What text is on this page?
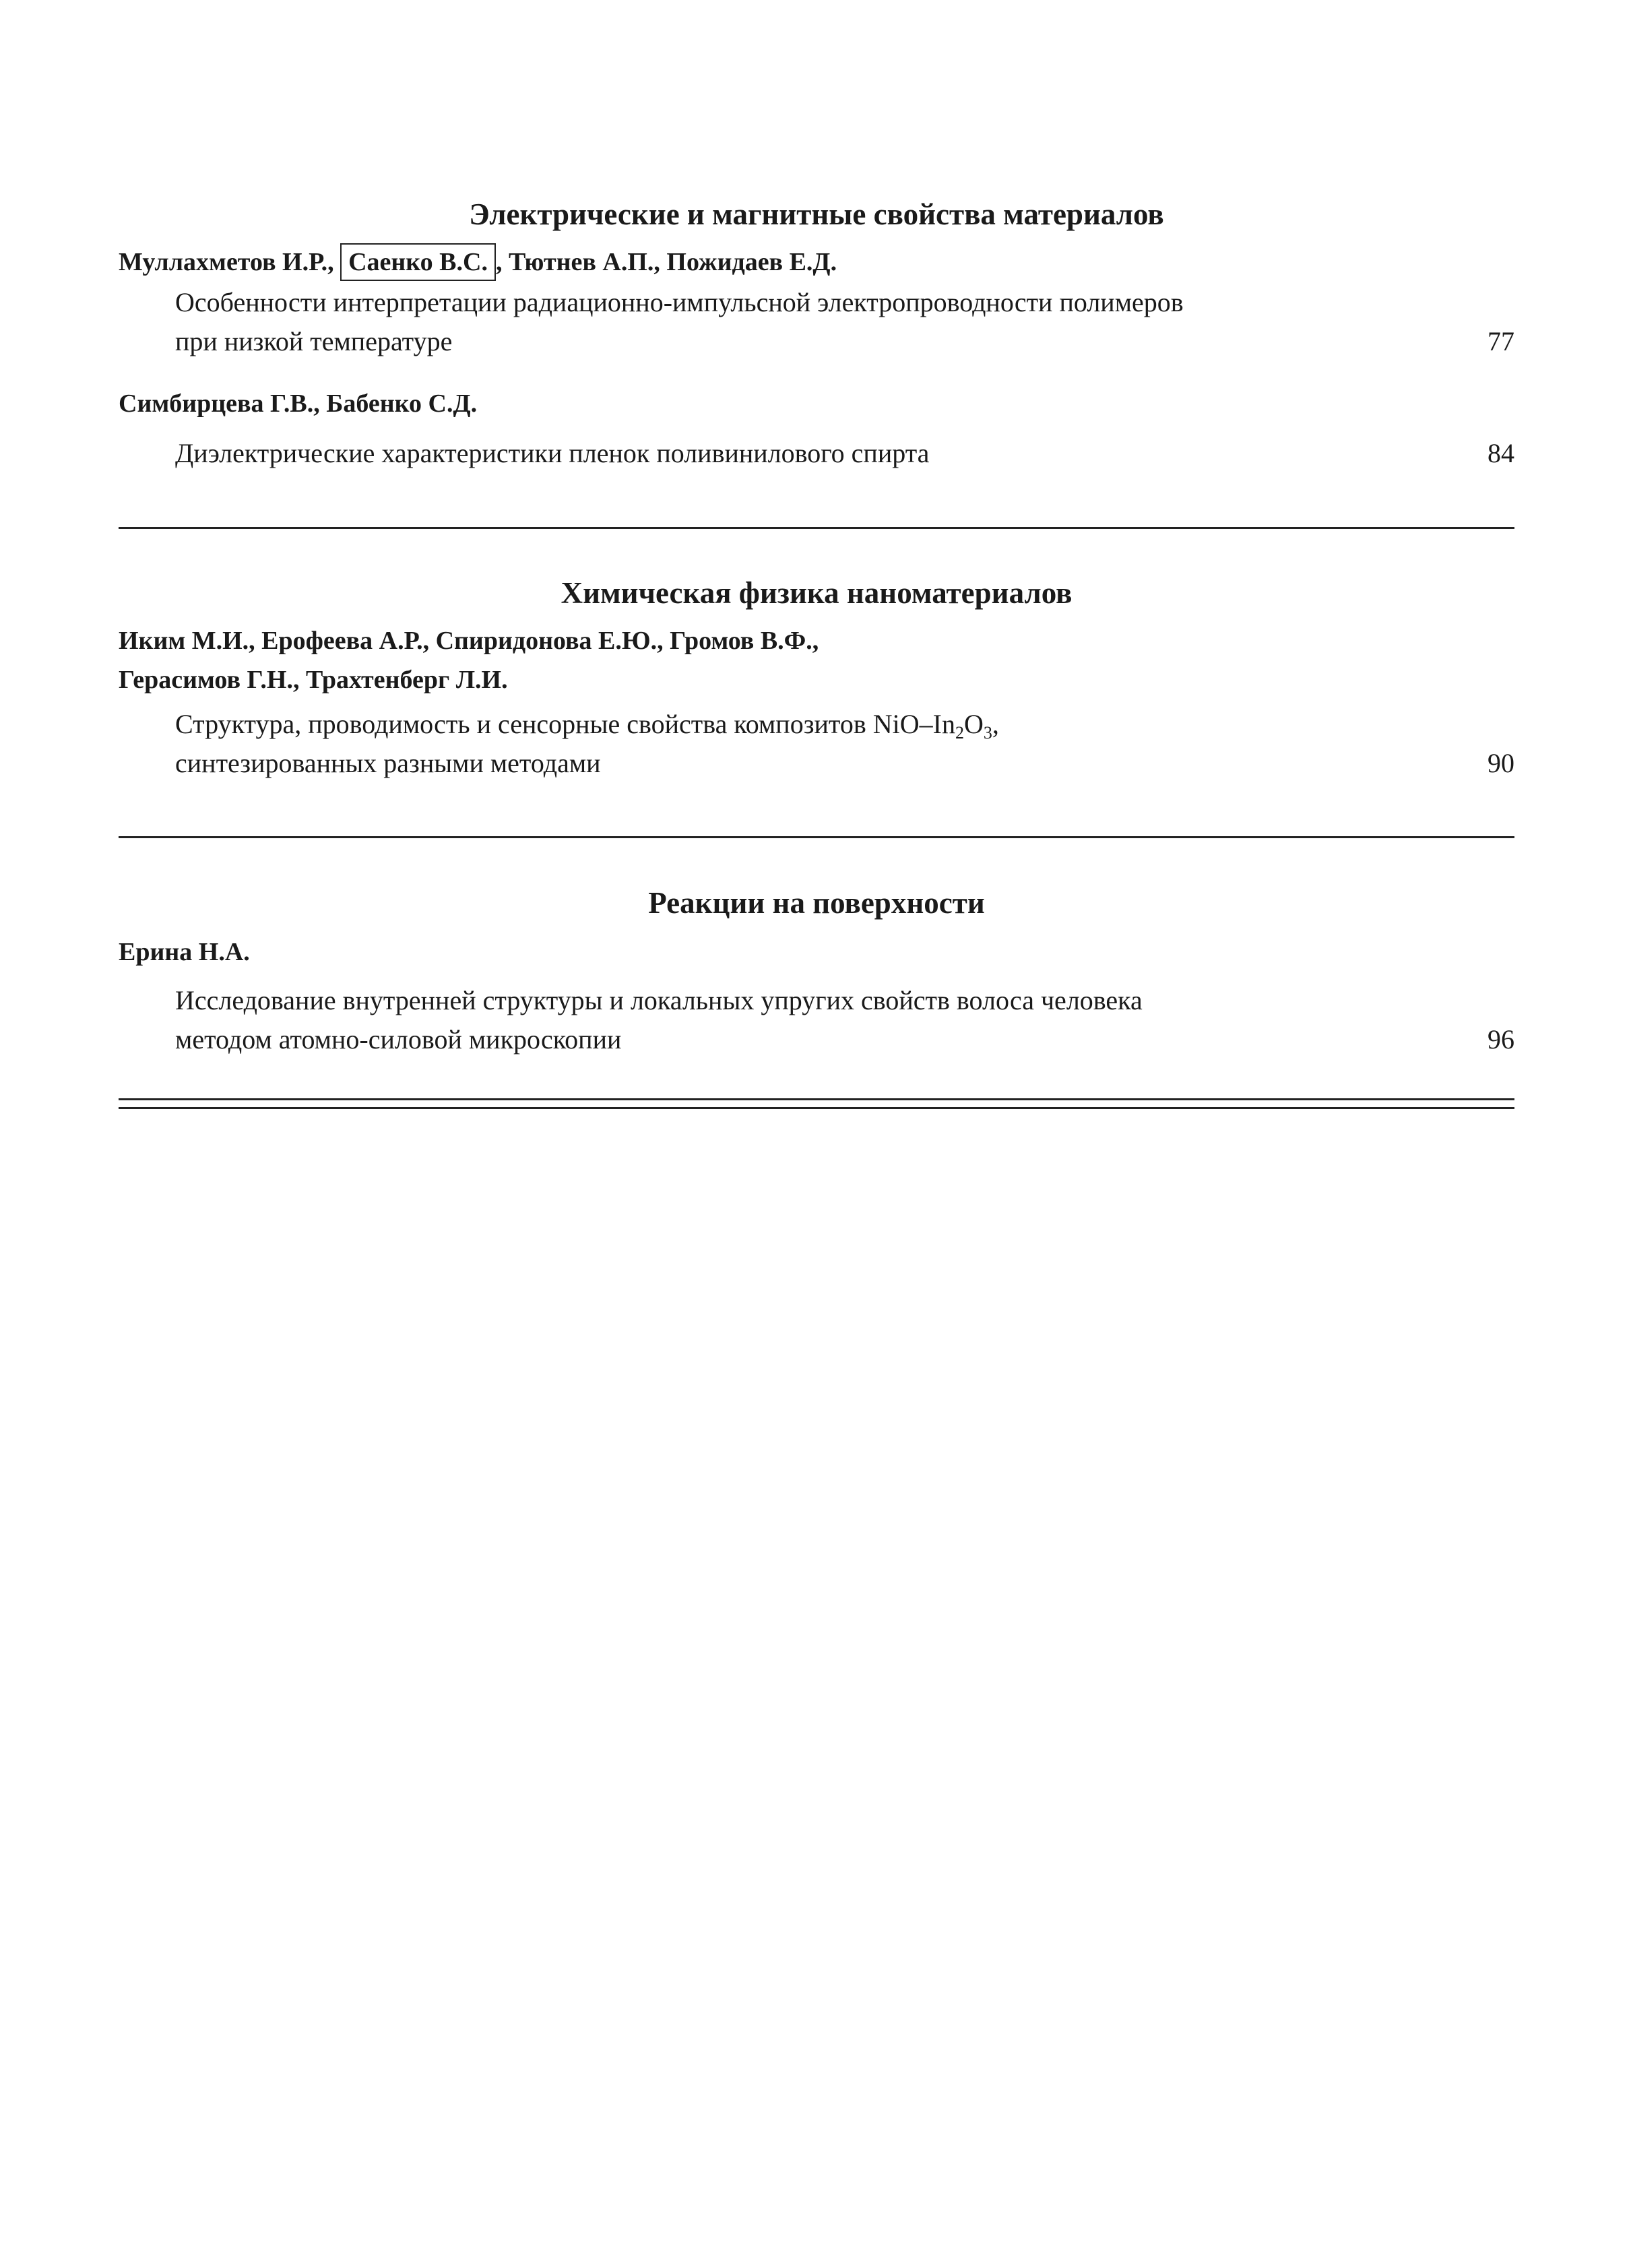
Электрические и магнитные свойства материалов

Муллахметов И.Р., Саенко В.С. , Тютнев А.П., Пожидаев Е.Д.

Особенности интерпретации радиационно-импульсной электропроводности полимеров
при низкой температуре	77

Симбирцева Г.В., Бабенко С.Д.

Диэлектрические характеристики пленок поливинилового спирта	84
Химическая физика наноматериалов

Иким М.И., Ерофеева А.Р., Спиридонова Е.Ю., Громов В.Ф.,
Герасимов Г.Н., Трахтенберг Л.И.

Структура, проводимость и сенсорные свойства композитов NiO–$In_2O_3$,
синтезированных разными методами	90
Реакции на поверхности

Ерина Н.А.

Исследование внутренней структуры и локальных упругих свойств волоса человека
методом атомно-силовой микроскопии	96
